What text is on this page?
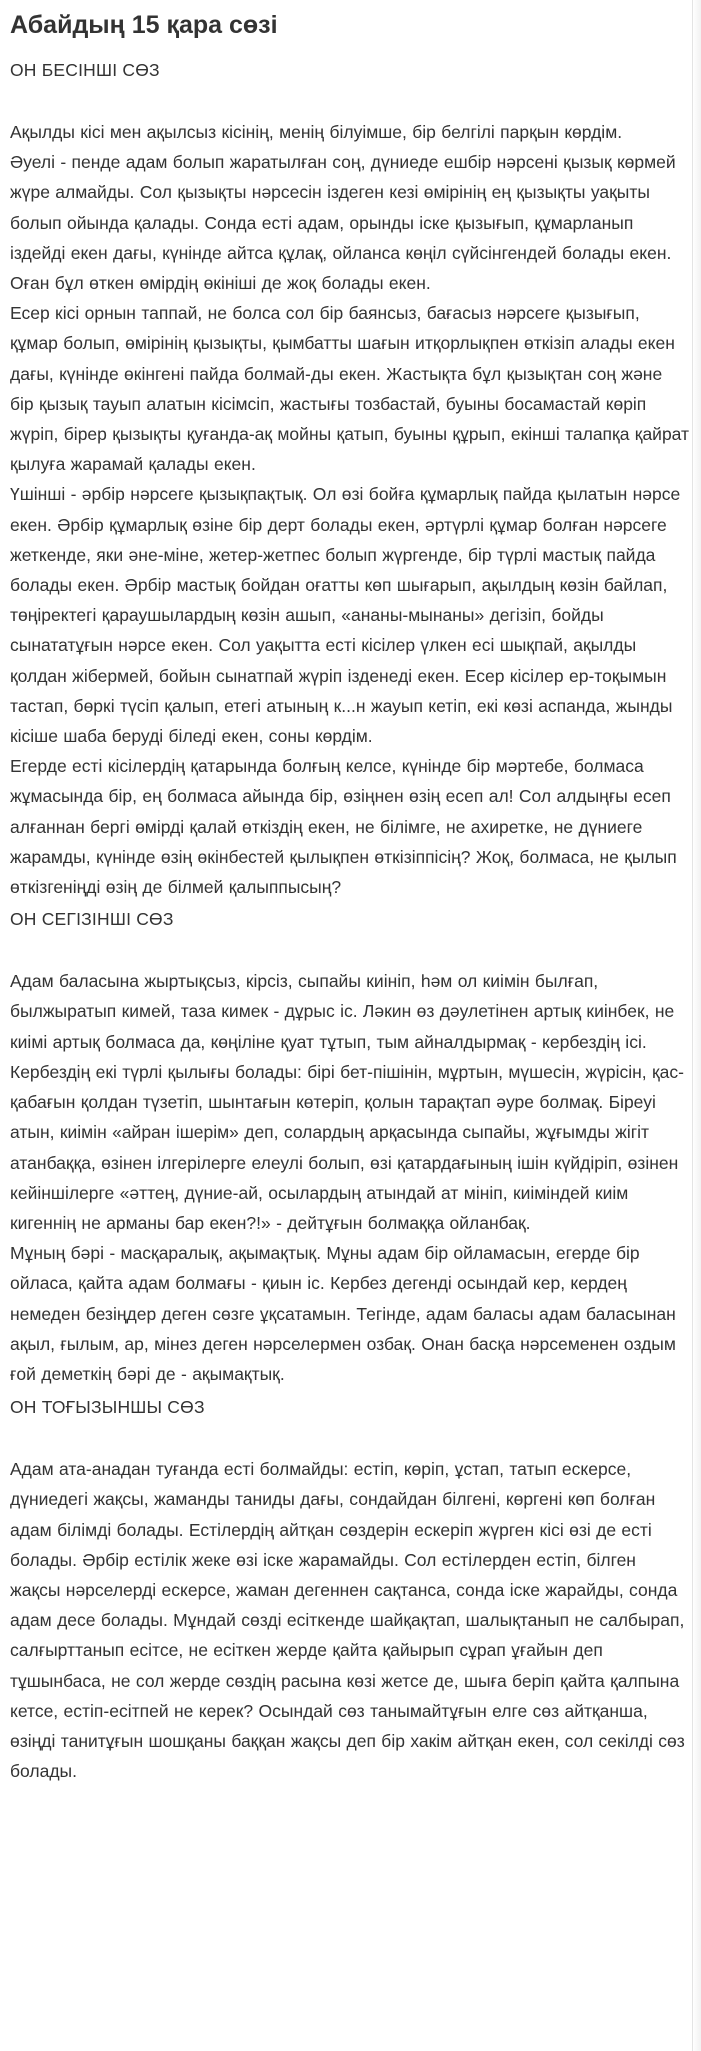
Абайдың 15 қара сөзі
ОН БЕСІНШІ СӨЗ

Ақылды кісі мен ақылсыз кісінің, менің білуімше, бір белгілі парқын көрдім.

Әуелі - пенде адам болып жаратылған соң, дүниеде ешбір нәрсені қызық көрмей жүре алмайды. Сол қызықты нәрсесін іздеген кезі өмірінің ең қызықты уақыты болып ойында қалады. Сонда есті адам, орынды іске қызығып, құмарланып іздейді екен дағы, күнінде айтса құлақ, ойланса көңіл сүйсінгендей болады екен. Оған бұл өткен өмірдің өкініші де жоқ болады екен.

Есер кісі орнын таппай, не болса сол бір баянсыз, бағасыз нәрсеге қызығып, құмар болып, өмірінің қызықты, қымбатты шағын итқорлықпен өткізіп алады екен дағы, күнінде өкінгені пайда болмай-ды екен. Жастықта бұл қызықтан соң және бір қызық тауып алатын кісімсіп, жастығы тозбастай, буыны босамастай көріп жүріп, бірер қызықты қуғанда-ақ мойны қатып, буыны құрып, екінші талапқа қайрат қылуға жарамай қалады екен.

Үшінші - әрбір нәрсеге қызықпақтық. Ол өзі бойға құмарлық пайда қылатын нәрсе екен. Әрбір құмарлық өзіне бір дерт болады екен, әртүрлі құмар болған нәрсеге жеткенде, яки әне-міне, жетер-жетпес болып жүргенде, бір түрлі мастық пайда болады екен. Әрбір мастық бойдан оғатты көп шығарып, ақылдың көзін байлап, төңіректегі қараушылардың көзін ашып, «ананы-мынаны» дегізіп, бойды сынататұғын нәрсе екен. Сол уақытта есті кісілер үлкен есі шықпай, ақылды қолдан жібермей, бойын сынатпай жүріп ізденеді екен. Есер кісілер ер-тоқымын тастап, бөркі түсіп қалып, етегі атының к...н жауып кетіп, екі көзі аспанда, жынды кісіше шаба беруді біледі екен, соны көрдім.

Егерде есті кісілердің қатарында болғың келсе, күнінде бір мәртебе, болмаса жұмасында бір, ең болмаса айында бір, өзіңнен өзің есеп ал! Сол алдыңғы есеп алғаннан бергі өмірді қалай өткіздің екен, не білімге, не ахиретке, не дүниеге жарамды, күнінде өзің өкінбестей қылықпен өткізіппісің? Жоқ, болмаса, не қылып өткізгеніңді өзің де білмей қалыппысың?

ОН СЕГІЗІНШІ СӨЗ

Адам баласына жыртықсыз, кірсіз, сыпайы киініп, һәм ол киімін былғап, былжыратып кимей, таза кимек - дұрыс іс. Ләкин өз дәулетінен артық киінбек, не киімі артық болмаса да, көңіліне қуат тұтып, тым айналдырмақ - кербездің ісі.

Кербездің екі түрлі қылығы болады: бірі бет-пішінін, мұртын, мүшесін, жүрісін, қас-қабағын қолдан түзетіп, шынтағын көтеріп, қолын тарақтап әуре болмақ. Біреуі атын, киімін «айран ішерім» деп, солардың арқасында сыпайы, жұғымды жігіт атанбаққа, өзінен ілгерілерге елеулі болып, өзі қатардағының ішін күйдіріп, өзінен кейіншілерге «әттең, дүние-ай, осылардың атындай ат мініп, киіміндей киім кигеннің не арманы бар екен?!» - дейтұғын болмаққа ойланбақ.

Мұның бәрі - масқаралық, ақымақтық. Мұны адам бір ойламасын, егерде бір ойласа, қайта адам болмағы - қиын іс. Кербез дегенді осындай кер, кердең немеден безіңдер деген сөзге ұқсатамын. Тегінде, адам баласы адам баласынан ақыл, ғылым, ар, мінез деген нәрселермен озбақ. Онан басқа нәрсеменен оздым ғой деметкің бәрі де - ақымақтық.

ОН ТОҒЫЗЫНШЫ СӨЗ

Адам ата-анадан туғанда есті болмайды: естіп, көріп, ұстап, татып ескерсе, дүниедегі жақсы, жаманды таниды дағы, сондайдан білгені, көргені көп болған адам білімді болады. Естілердің айтқан сөздерін ескеріп жүрген кісі өзі де есті болады. Әрбір естілік жеке өзі іске жарамайды. Сол естілерден естіп, білген жақсы нәрселерді ескерсе, жаман дегеннен сақтанса, сонда іске жарайды, сонда адам десе болады. Мұндай сөзді есіткенде шайқақтап, шалықтанып не салбырап, салғырттанып есітсе, не есіткен жерде қайта қайырып сұрап ұғайын деп тұшынбаса, не сол жерде сөздің расына көзі жетсе де, шыға беріп қайта қалпына кетсе, естіп-есітпей не керек? Осындай сөз танымайтұғын елге сөз айтқанша, өзіңді танитұғын шошқаны баққан жақсы деп бір хакім айтқан екен, сол секілді сөз болады.
